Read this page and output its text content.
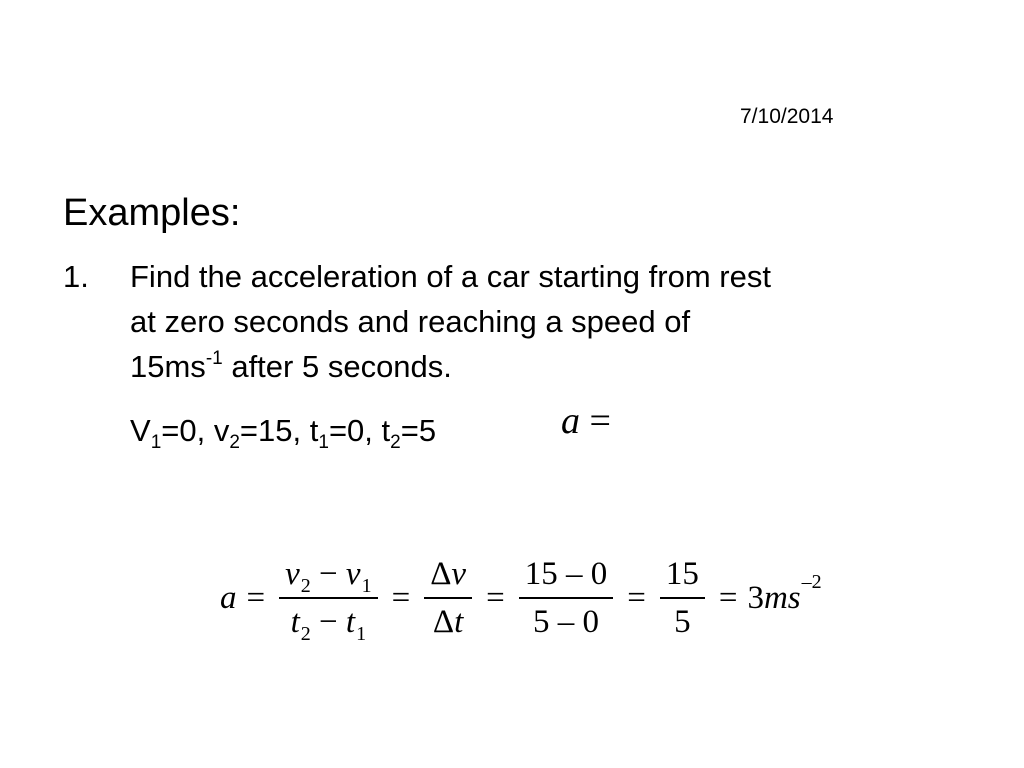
7/10/2014
Examples:
1. Find the acceleration of a car starting from rest
at zero seconds and reaching a speed of
$15ms^{-1}$ after 5 seconds.
$V_1=0$, $v_2=15$, $t_1=0$, $t_2=5$	a =
$a = \frac{v_2 - v_1}{t_2 - t_1} = \frac{\Delta v}{\Delta t} = \frac{15 - 0}{5 - 0} = \frac{15}{5} = 3$ ms –2
